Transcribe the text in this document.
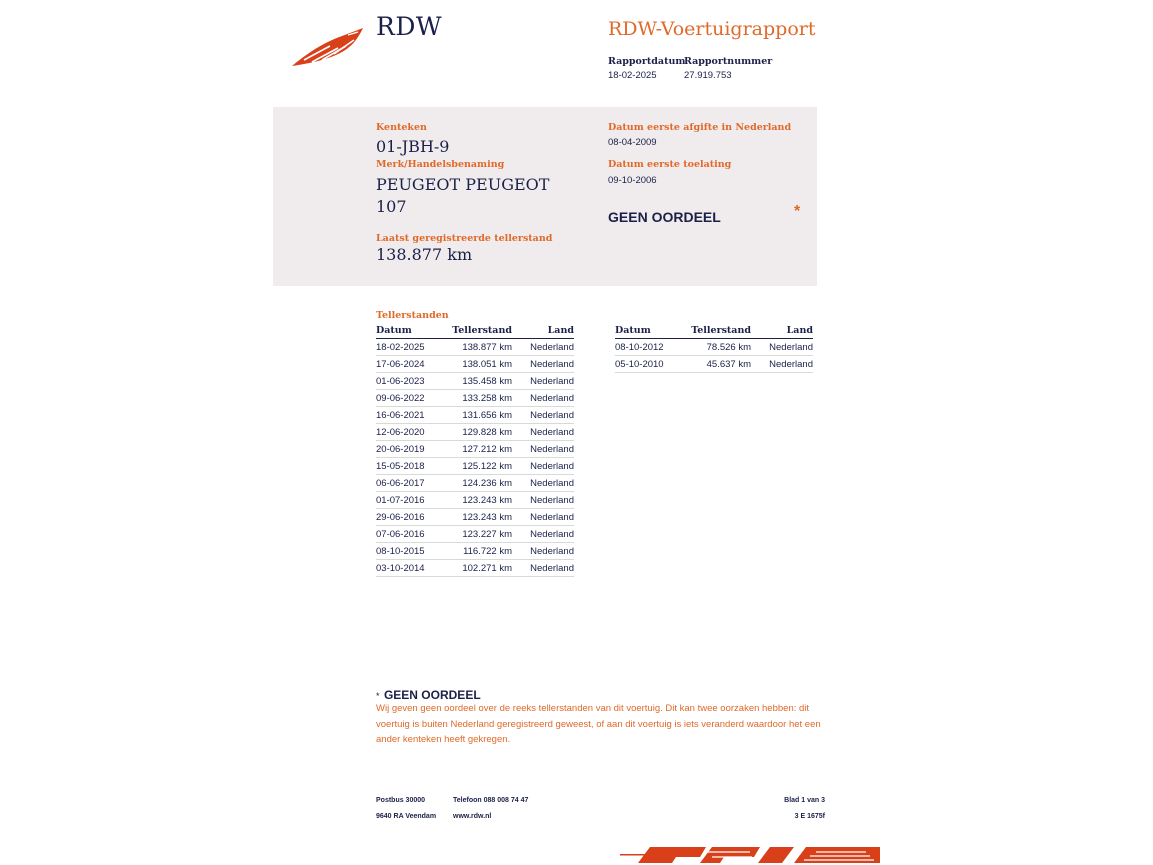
RDW	RDW-Voertuigrapport
Rapportdatum
18-02-2025
Rapportnummer
27.919.753
Kenteken
01-JBH-9
Merk/Handelsbenaming
PEUGEOT PEUGEOT
107
Laatst geregistreerde tellerstand
138.877 km
Datum eerste afgifte in Nederland
08-04-2009
Datum eerste toelating
09-10-2006
GEEN OORDEEL	*
Tellerstanden
Datum	Tellerstand	Land
18-02-2025	138.877 km	Nederland
17-06-2024	138.051 km	Nederland
01-06-2023	135.458 km	Nederland
09-06-2022	133.258 km	Nederland
16-06-2021	131.656 km	Nederland
12-06-2020	129.828 km	Nederland
20-06-2019	127.212 km	Nederland
15-05-2018	125.122 km	Nederland
06-06-2017	124.236 km	Nederland
01-07-2016	123.243 km	Nederland
29-06-2016	123.243 km	Nederland
07-06-2016	123.227 km	Nederland
08-10-2015	116.722 km	Nederland
03-10-2014	102.271 km	Nederland
Datum	Tellerstand	Land
08-10-2012	78.526 km	Nederland
05-10-2010	45.637 km	Nederland
* GEEN OORDEEL
Wij geven geen oordeel over de reeks tellerstanden van dit voertuig. Dit kan twee oorzaken hebben: dit voertuig is buiten Nederland geregistreerd geweest, of aan dit voertuig is iets veranderd waardoor het een ander kenteken heeft gekregen.
Postbus 30000
9640 RA Veendam
Telefoon 088 008 74 47
www.rdw.nl
Blad 1 van 3
3 E 1675f
